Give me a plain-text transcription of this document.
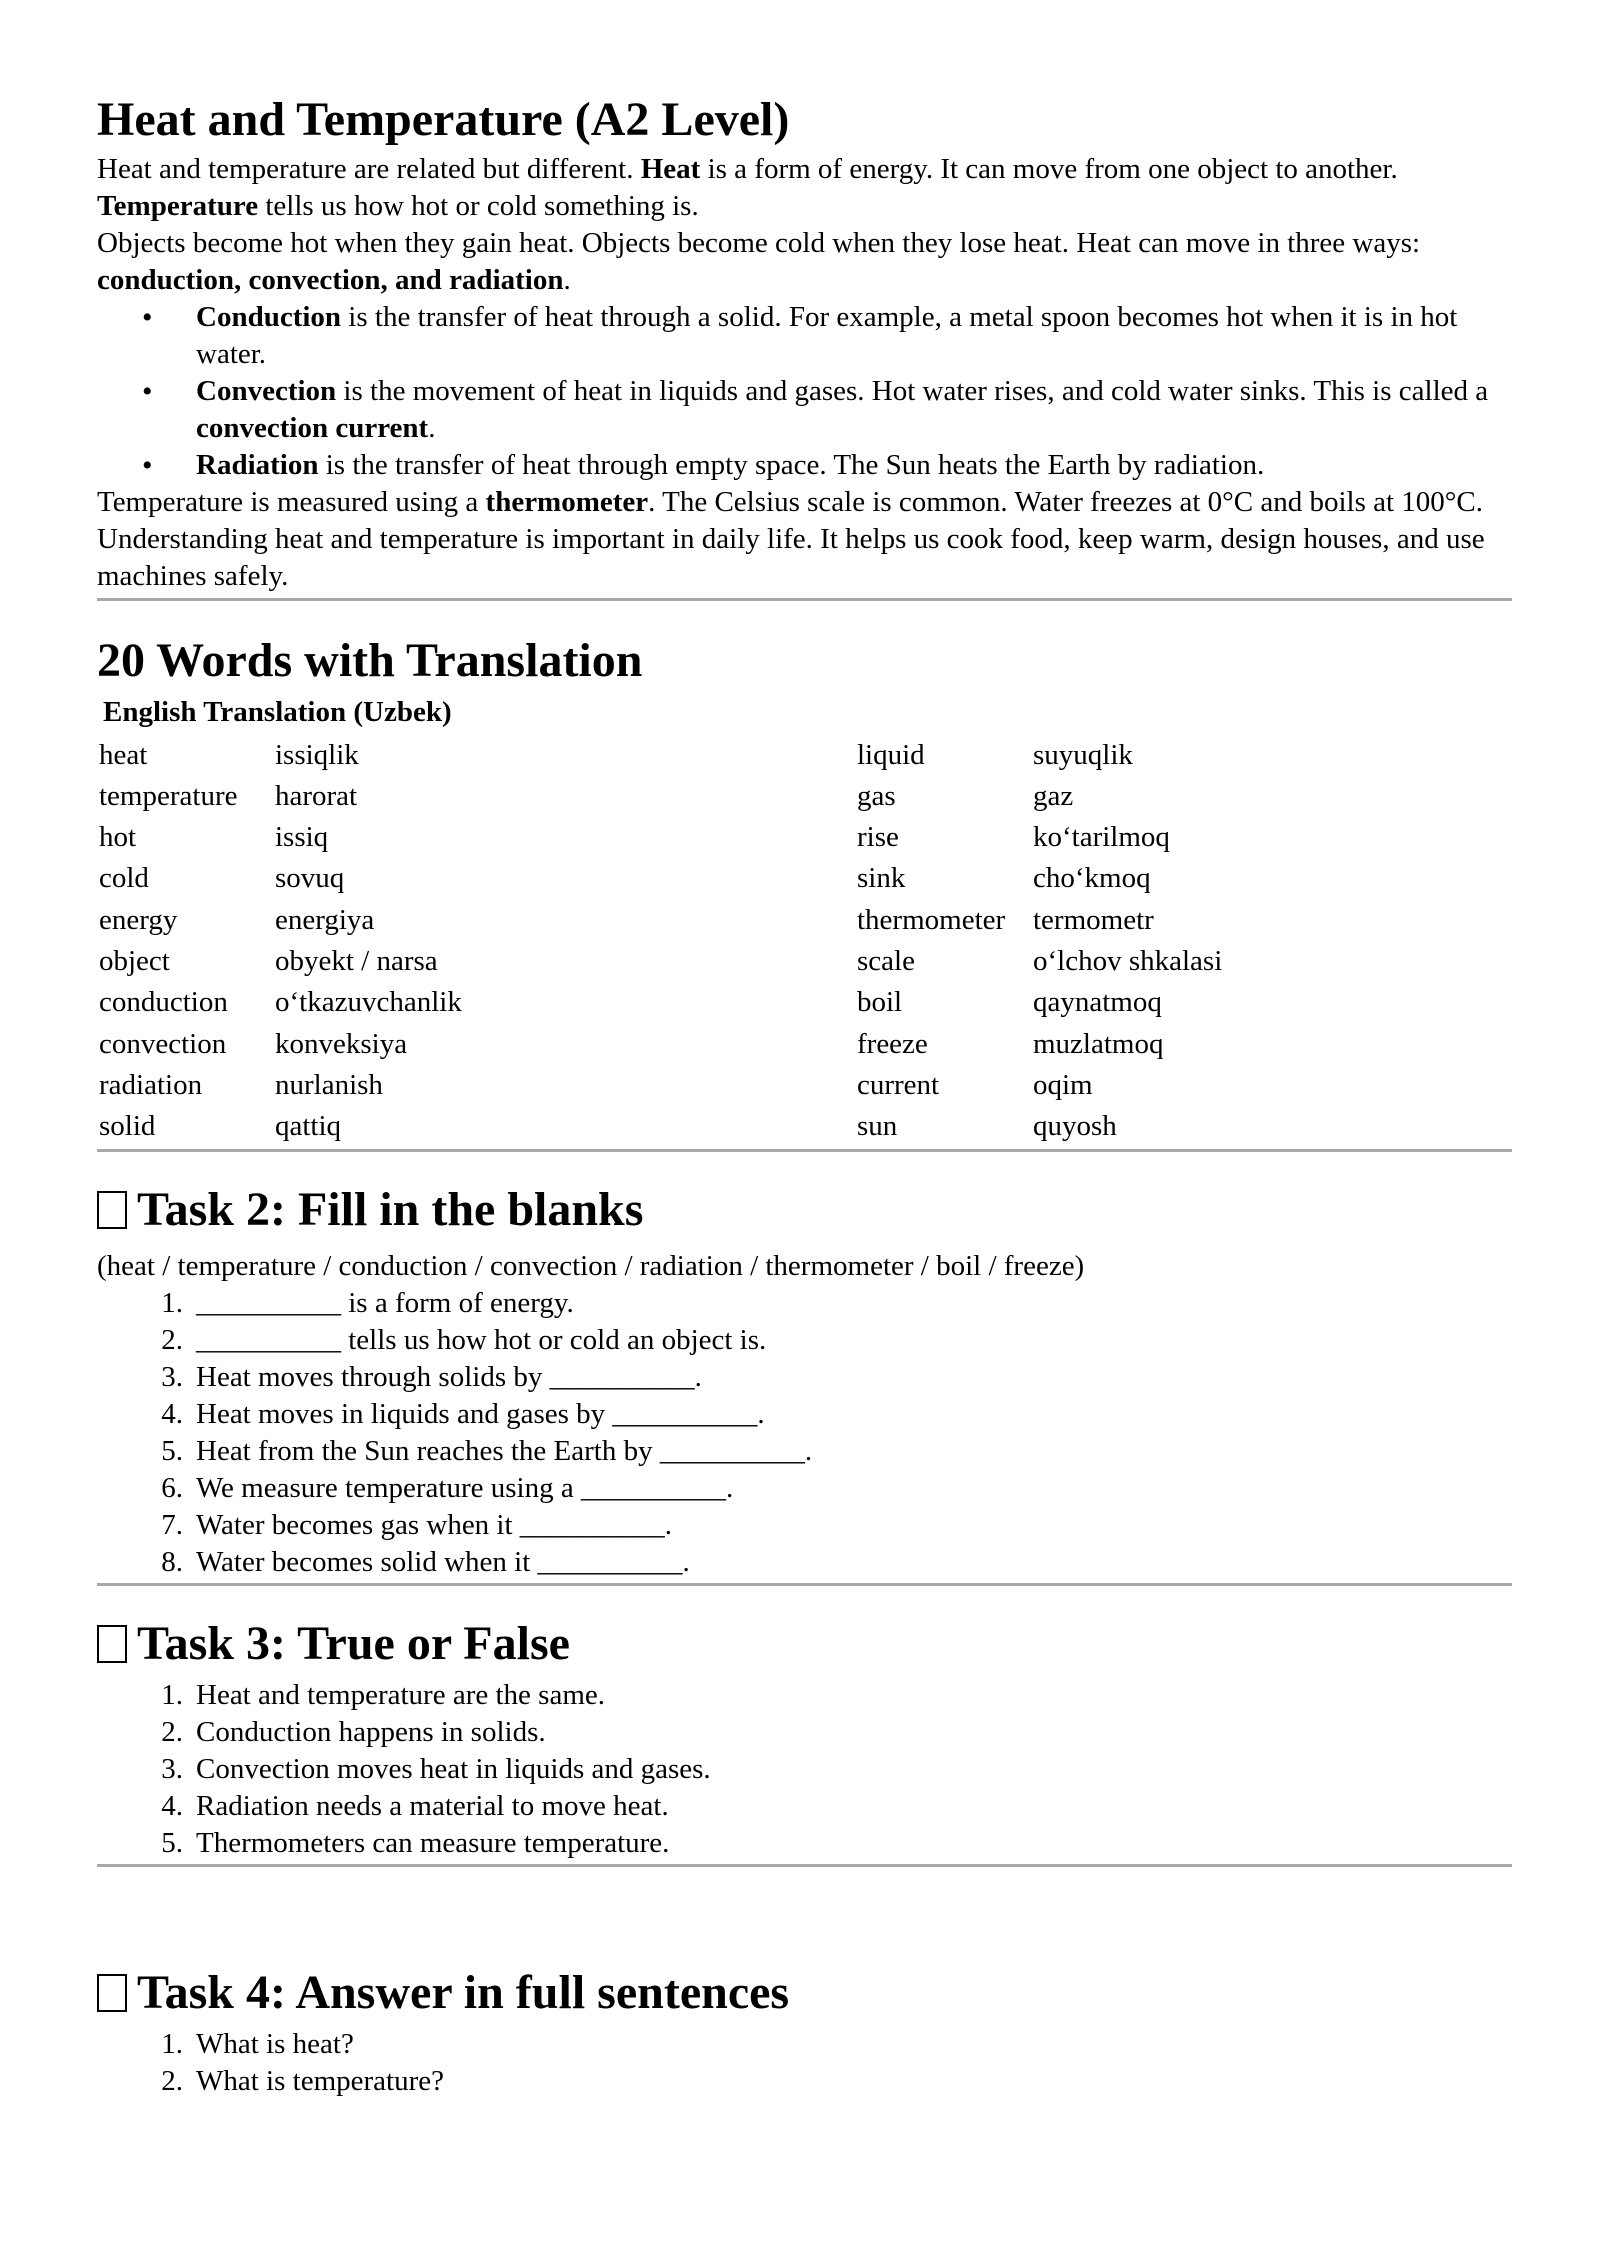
Heat and Temperature (A2 Level)

Heat and temperature are related but different. Heat is a form of energy. It can move from one object to another. Temperature tells us how hot or cold something is.

Objects become hot when they gain heat. Objects become cold when they lose heat. Heat can move in three ways: conduction, convection, and radiation.

• Conduction is the transfer of heat through a solid. For example, a metal spoon becomes hot when it is in hot water.
• Convection is the movement of heat in liquids and gases. Hot water rises, and cold water sinks. This is called a convection current.
• Radiation is the transfer of heat through empty space. The Sun heats the Earth by radiation.

Temperature is measured using a thermometer. The Celsius scale is common. Water freezes at 0°C and boils at 100°C.

Understanding heat and temperature is important in daily life. It helps us cook food, keep warm, design houses, and use machines safely.

20 Words with Translation
English Translation (Uzbek)
heat	issiqlik	liquid	suyuqlik
temperature	harorat	gas	gaz
hot	issiq	rise	ko‘tarilmoq
cold	sovuq	sink	cho‘kmoq
energy	energiya	thermometer	termometr
object	obyekt / narsa	scale	o‘lchov shkalasi
conduction	o‘tkazuvchanlik	boil	qaynatmoq
convection	konveksiya	freeze	muzlatmoq
radiation	nurlanish	current	oqim
solid	qattiq	sun	quyosh
Task 2: Fill in the blanks

(heat / temperature / conduction / convection / radiation / thermometer / boil / freeze)

1. __________ is a form of energy.
2. __________ tells us how hot or cold an object is.
3. Heat moves through solids by __________.
4. Heat moves in liquids and gases by __________.
5. Heat from the Sun reaches the Earth by __________.
6. We measure temperature using a __________.
7. Water becomes gas when it __________.
8. Water becomes solid when it __________.
Task 3: True or False
1. Heat and temperature are the same.
2. Conduction happens in solids.
3. Convection moves heat in liquids and gases.
4. Radiation needs a material to move heat.
5. Thermometers can measure temperature.
Task 4: Answer in full sentences
1. What is heat?
2. What is temperature?
